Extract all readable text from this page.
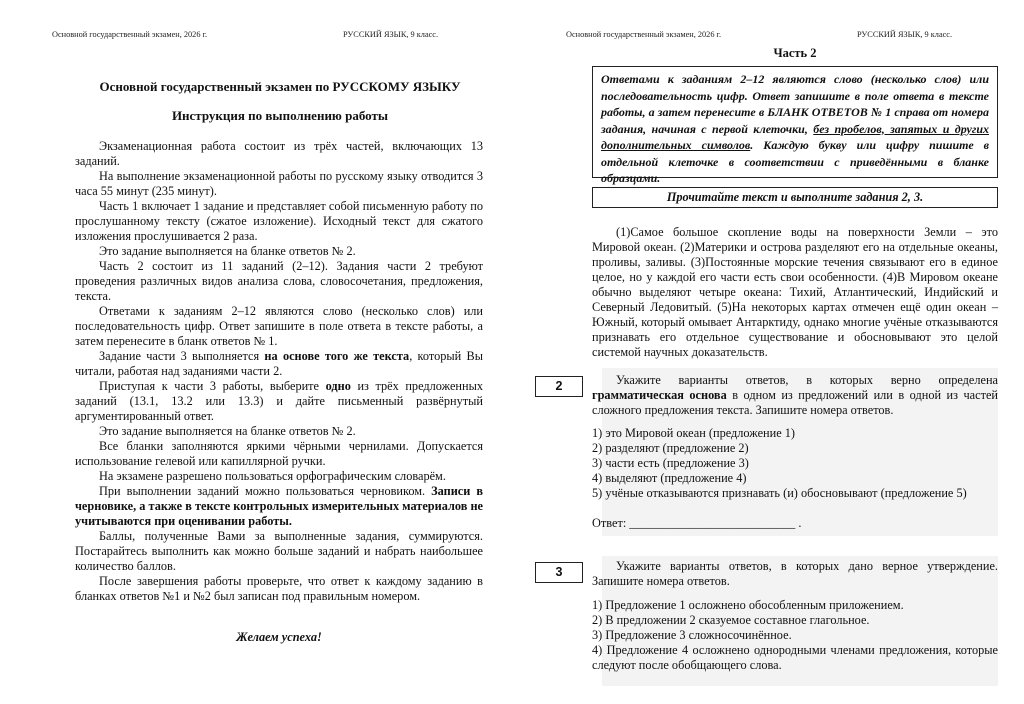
Основной государственный экзамен, 2026 г.	РУССКИЙ ЯЗЫК, 9 класс.
Основной государственный экзамен по РУССКОМУ ЯЗЫКУ
Инструкция по выполнению работы

Экзаменационная работа состоит из трёх частей, включающих 13 заданий.

На выполнение экзаменационной работы по русскому языку отводится 3 часа 55 минут (235 минут).

Часть 1 включает 1 задание и представляет собой письменную работу по прослушанному тексту (сжатое изложение). Исходный текст для сжатого изложения прослушивается 2 раза.

Это задание выполняется на бланке ответов № 2.

Часть 2 состоит из 11 заданий (2–12). Задания части 2 требуют проведения различных видов анализа слова, словосочетания, предложения, текста.

Ответами к заданиям 2–12 являются слово (несколько слов) или последовательность цифр. Ответ запишите в поле ответа в тексте работы, а затем перенесите в бланк ответов № 1.

Задание части 3 выполняется на основе того же текста, который Вы читали, работая над заданиями части 2.

Приступая к части 3 работы, выберите одно из трёх предложенных заданий (13.1, 13.2 или 13.3) и дайте письменный развёрнутый аргументированный ответ.

Это задание выполняется на бланке ответов № 2.

Все бланки заполняются яркими чёрными чернилами. Допускается использование гелевой или капиллярной ручки.

На экзамене разрешено пользоваться орфографическим словарём.

При выполнении заданий можно пользоваться черновиком. Записи в черновике, а также в тексте контрольных измерительных материалов не учитываются при оценивании работы.

Баллы, полученные Вами за выполненные задания, суммируются. Постарайтесь выполнить как можно больше заданий и набрать наибольшее количество баллов.

После завершения работы проверьте, что ответ к каждому заданию в бланках ответов №1 и №2 был записан под правильным номером.

Желаем успеха!
Основной государственный экзамен, 2026 г.	РУССКИЙ ЯЗЫК, 9 класс.
Часть 2
Ответами к заданиям 2–12 являются слово (несколько слов) или последовательность цифр. Ответ запишите в поле ответа в тексте работы, а затем перенесите в БЛАНК ОТВЕТОВ № 1 справа от номера задания, начиная с первой клеточки, без пробелов, запятых и других дополнительных символов. Каждую букву или цифру пишите в отдельной клеточке в соответствии с приведёнными в бланке образцами.
Прочитайте текст и выполните задания 2, 3.

(1)Самое большое скопление воды на поверхности Земли – это Мировой океан. (2)Материки и острова разделяют его на отдельные океаны, проливы, заливы. (3)Постоянные морские течения связывают его в единое целое, но у каждой его части есть свои особенности. (4)В Мировом океане обычно выделяют четыре океана: Тихий, Атлантический, Индийский и Северный Ледовитый. (5)На некоторых картах отмечен ещё один океан – Южный, который омывает Антарктиду, однако многие учёные отказываются признавать его отдельное существование и обосновывают это целой системой научных доказательств.

2	Укажите варианты ответов, в которых верно определена грамматическая основа в одном из предложений или в одной из частей сложного предложения текста. Запишите номера ответов.

1) это Мировой океан (предложение 1)
2) разделяют (предложение 2)
3) части есть (предложение 3)
4) выделяют (предложение 4)
5) учёные отказываются признавать (и) обосновывают (предложение 5)
Ответ: ___________________________ .
3	Укажите варианты ответов, в которых дано верное утверждение. Запишите номера ответов.

1) Предложение 1 осложнено обособленным приложением.
2) В предложении 2 сказуемое составное глагольное.
3) Предложение 3 сложносочинённое.

4) Предложение 4 осложнено однородными членами предложения, которые следуют после обобщающего слова.
